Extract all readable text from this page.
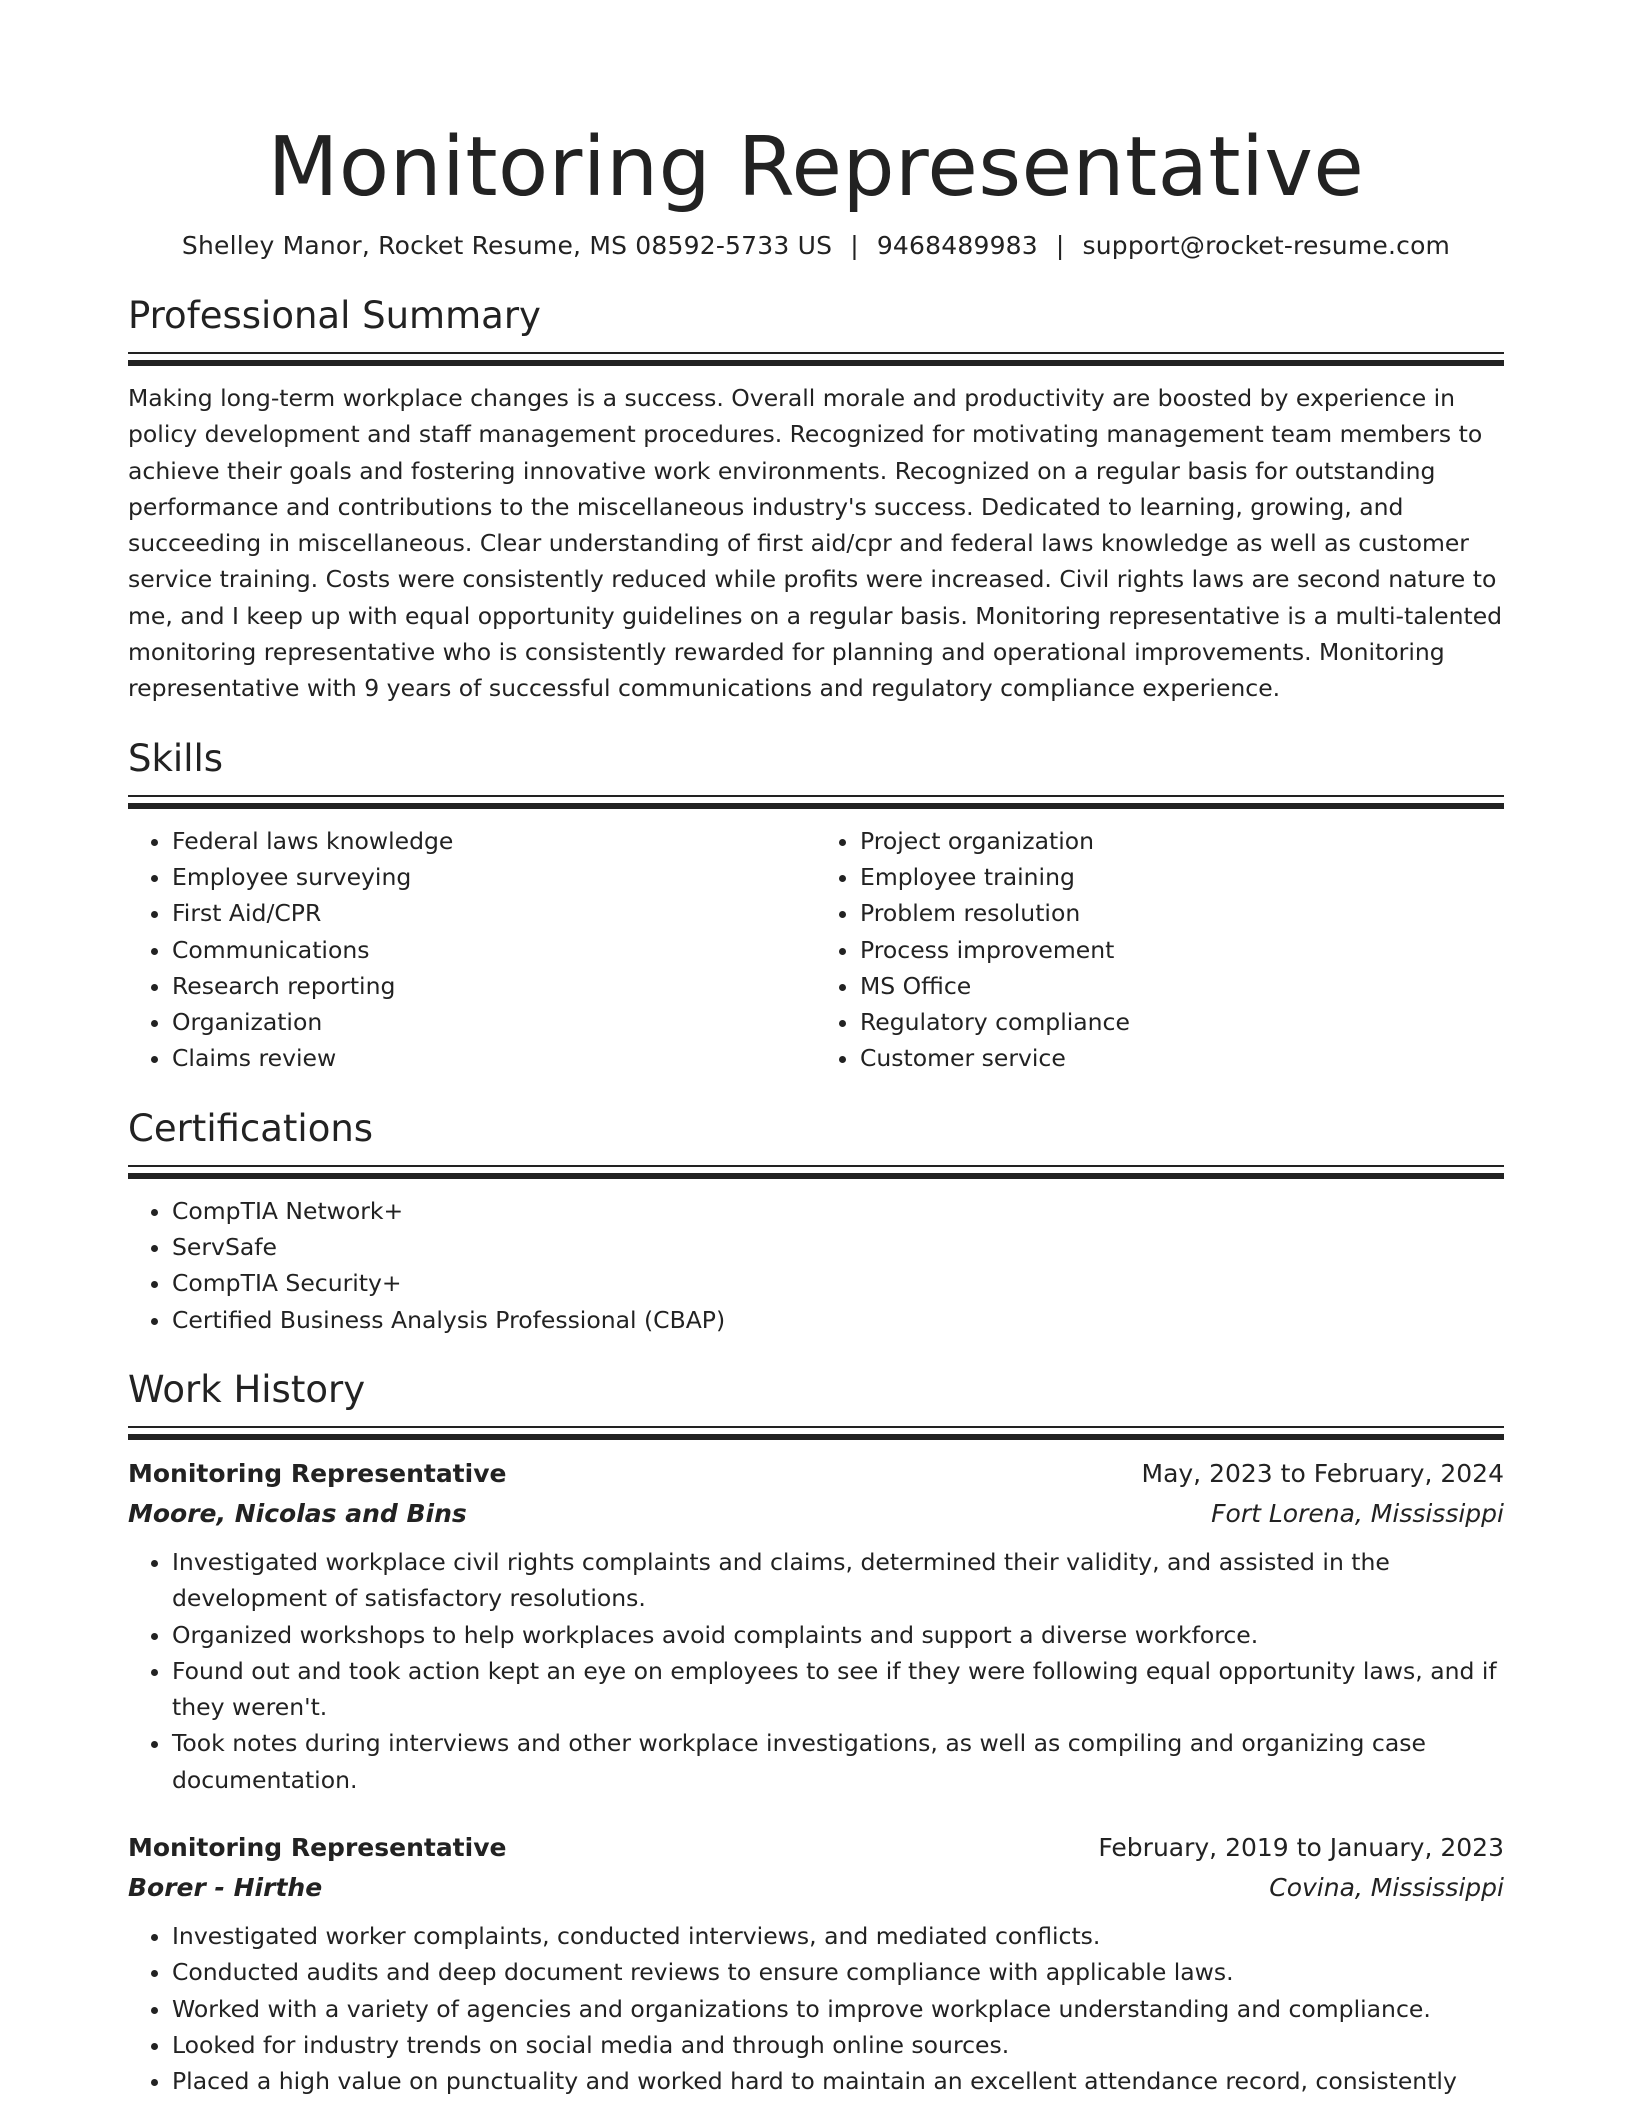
Monitoring Representative
Shelley Manor, Rocket Resume, MS 08592-5733 US | 9468489983 | support@rocket-resume.com
Professional Summary

Making long-term workplace changes is a success. Overall morale and productivity are boosted by experience in policy development and staff management procedures. Recognized for motivating management team members to achieve their goals and fostering innovative work environments. Recognized on a regular basis for outstanding performance and contributions to the miscellaneous industry's success. Dedicated to learning, growing, and succeeding in miscellaneous. Clear understanding of first aid/cpr and federal laws knowledge as well as customer service training. Costs were consistently reduced while profits were increased. Civil rights laws are second nature to me, and I keep up with equal opportunity guidelines on a regular basis. Monitoring representative is a multi-talented monitoring representative who is consistently rewarded for planning and operational improvements. Monitoring representative with 9 years of successful communications and regulatory compliance experience.

Skills
• Federal laws knowledge
• Employee surveying
• First Aid/CPR
• Communications
• Research reporting
• Organization
• Claims review
• Project organization
• Employee training
• Problem resolution
• Process improvement
• MS Office
• Regulatory compliance
• Customer service
Certifications
• CompTIA Network+
• ServSafe
• CompTIA Security+
• Certified Business Analysis Professional (CBAP)
Work History
Monitoring Representative	May, 2023 to February, 2024
Moore, Nicolas and Bins	Fort Lorena, Mississippi
• Investigated workplace civil rights complaints and claims, determined their validity, and assisted in the development of satisfactory resolutions.
• Organized workshops to help workplaces avoid complaints and support a diverse workforce.
• Found out and took action kept an eye on employees to see if they were following equal opportunity laws, and if they weren't.
• Took notes during interviews and other workplace investigations, as well as compiling and organizing case documentation.
Monitoring Representative	February, 2019 to January, 2023
Borer - Hirthe	Covina, Mississippi
• Investigated worker complaints, conducted interviews, and mediated conflicts.
• Conducted audits and deep document reviews to ensure compliance with applicable laws.
• Worked with a variety of agencies and organizations to improve workplace understanding and compliance.
• Looked for industry trends on social media and through online sources.
• Placed a high value on punctuality and worked hard to maintain an excellent attendance record, consistently
